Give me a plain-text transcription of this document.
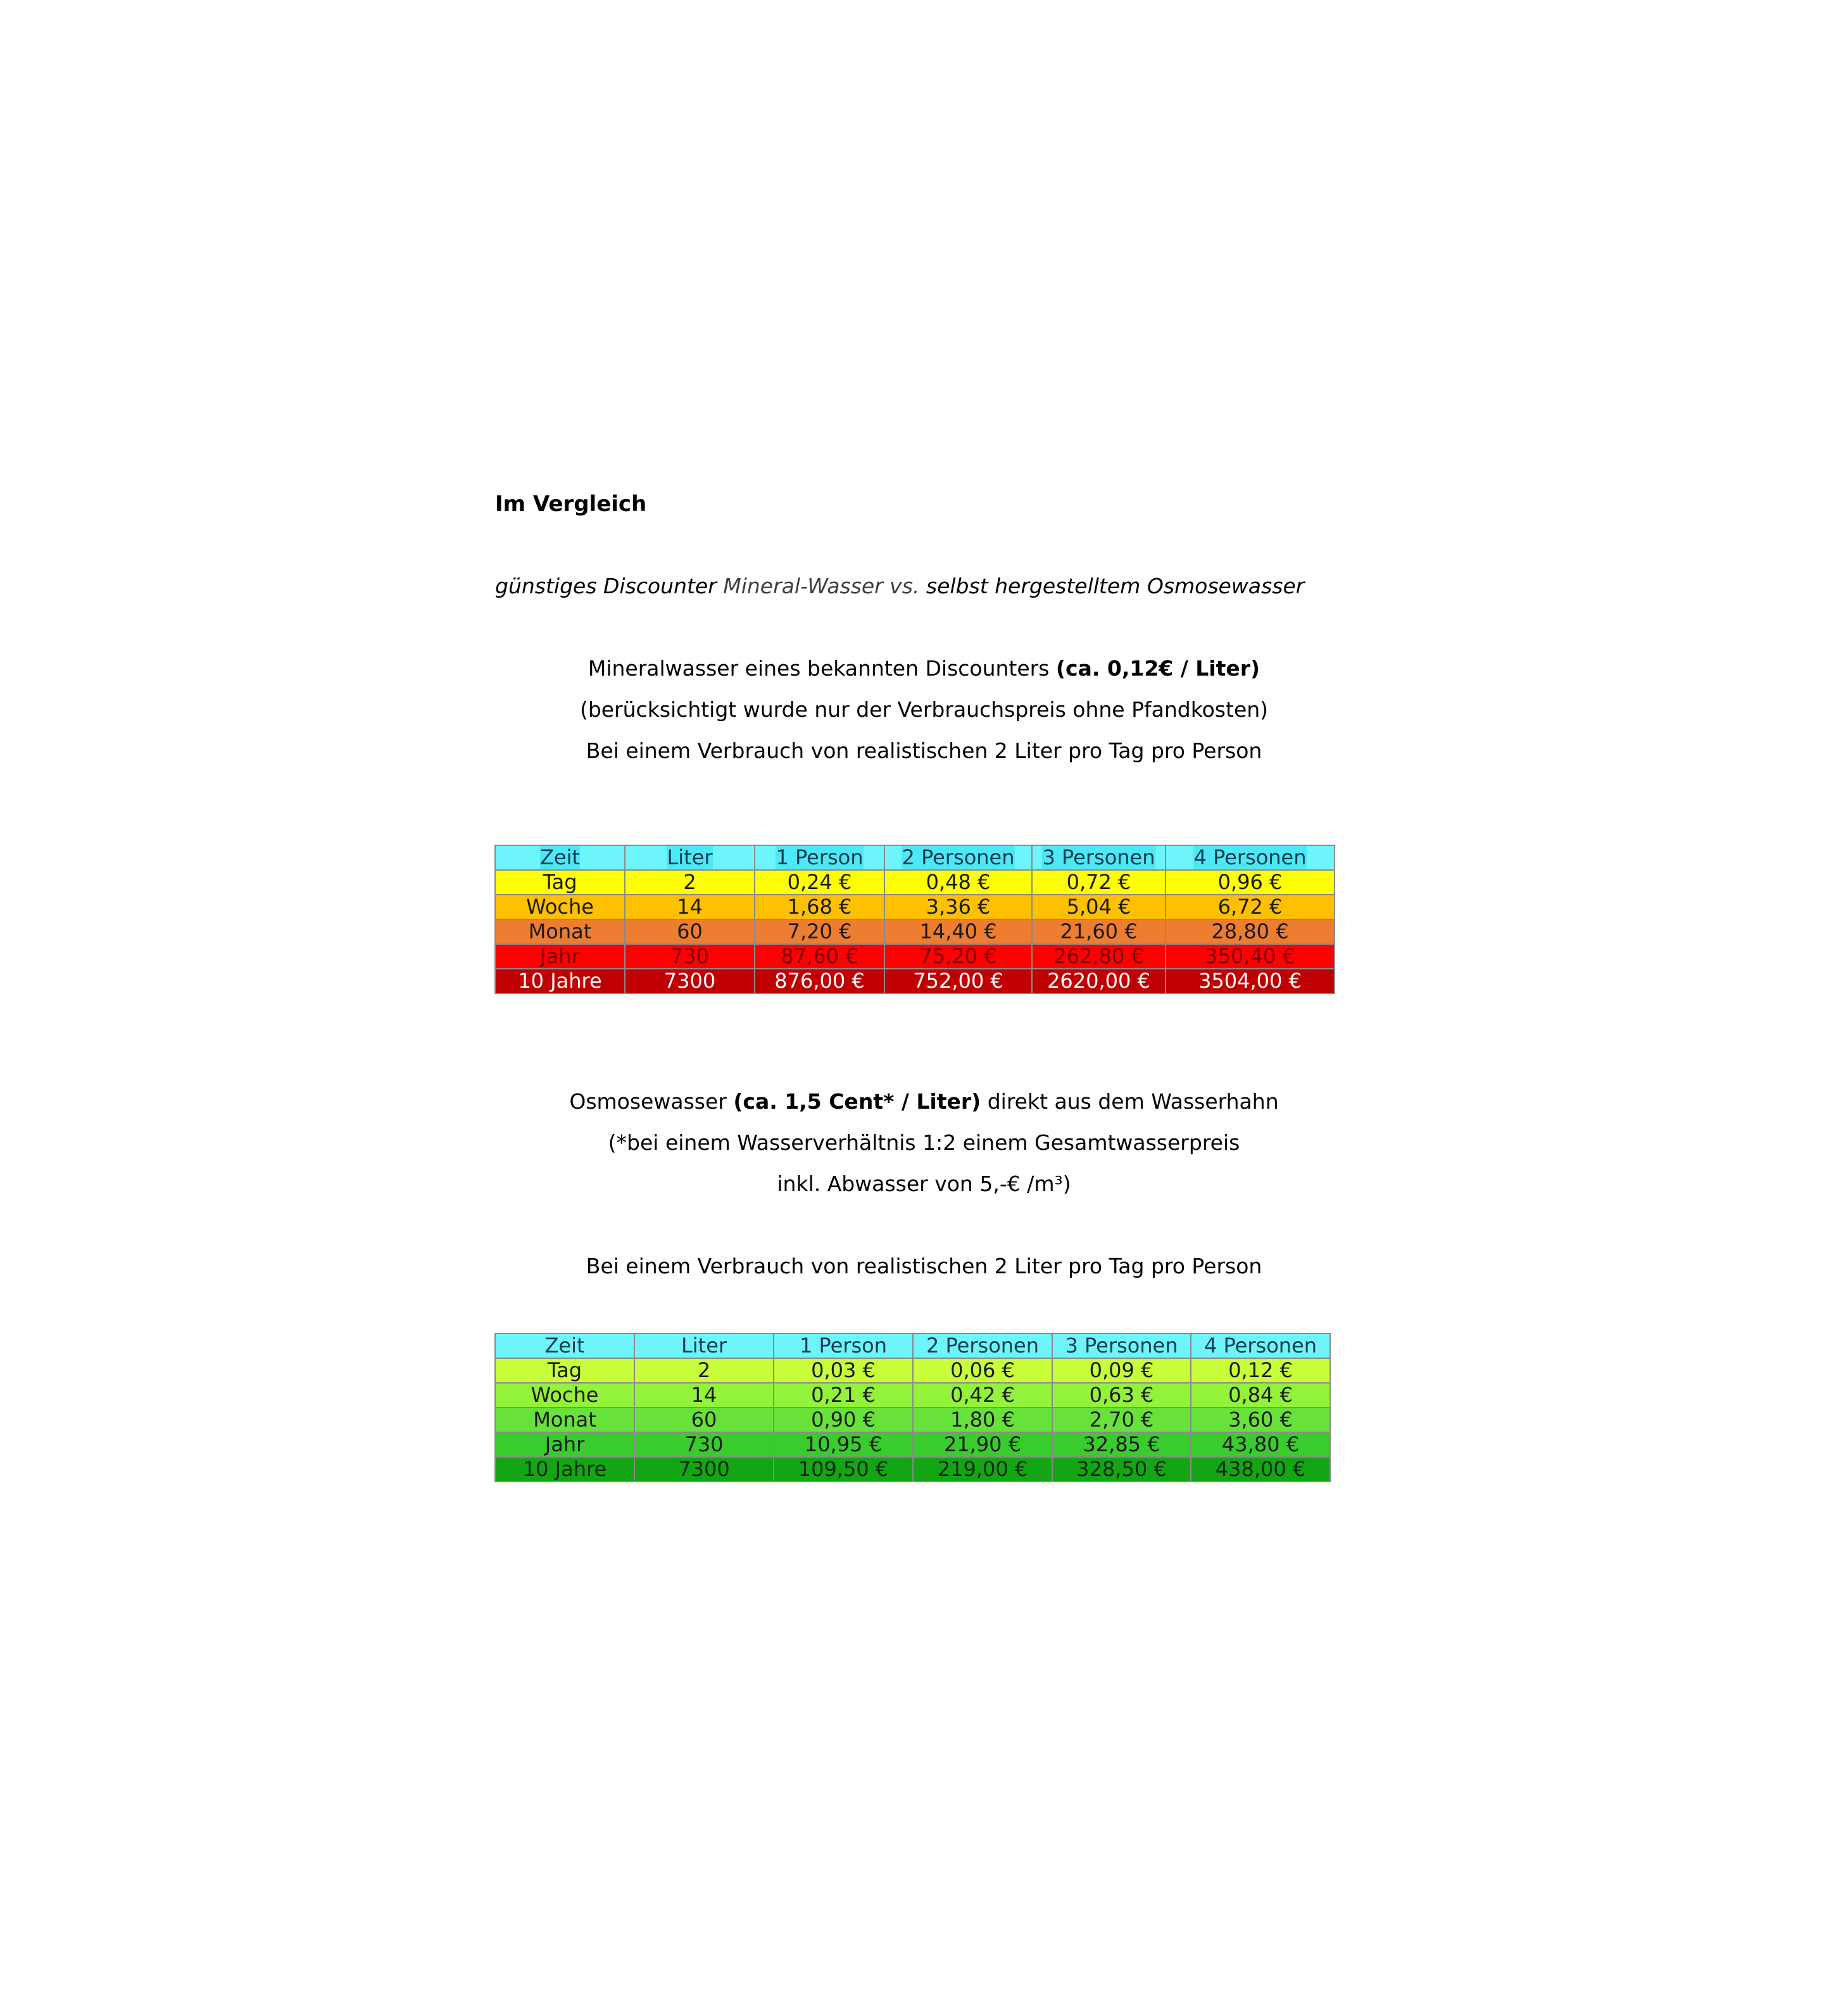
Im Vergleich
günstiges Discounter Mineral-Wasser vs. selbst hergestelltem Osmosewasser
Mineralwasser eines bekannten Discounters (ca. 0,12€ / Liter)
(berücksichtigt wurde nur der Verbrauchspreis ohne Pfandkosten)
Bei einem Verbrauch von realistischen 2 Liter pro Tag pro Person
Zeit	Liter	1 Person	2 Personen	3 Personen	4 Personen
Tag	2	0,24 €	0,48 €	0,72 €	0,96 €
Woche	14	1,68 €	3,36 €	5,04 €	6,72 €
Monat	60	7,20 €	14,40 €	21,60 €	28,80 €
Jahr	730	87,60 €	75,20 €	262,80 €	350,40 €
10 Jahre	7300	876,00 €	752,00 €	2620,00 €	3504,00 €
Osmosewasser (ca. 1,5 Cent* / Liter) direkt aus dem Wasserhahn
(*bei einem Wasserverhältnis 1:2 einem Gesamtwasserpreis
inkl. Abwasser von 5,-€ /m³)
Bei einem Verbrauch von realistischen 2 Liter pro Tag pro Person
Zeit	Liter	1 Person	2 Personen	3 Personen	4 Personen
Tag	2	0,03 €	0,06 €	0,09 €	0,12 €
Woche	14	0,21 €	0,42 €	0,63 €	0,84 €
Monat	60	0,90 €	1,80 €	2,70 €	3,60 €
Jahr	730	10,95 €	21,90 €	32,85 €	43,80 €
10 Jahre	7300	109,50 €	219,00 €	328,50 €	438,00 €
